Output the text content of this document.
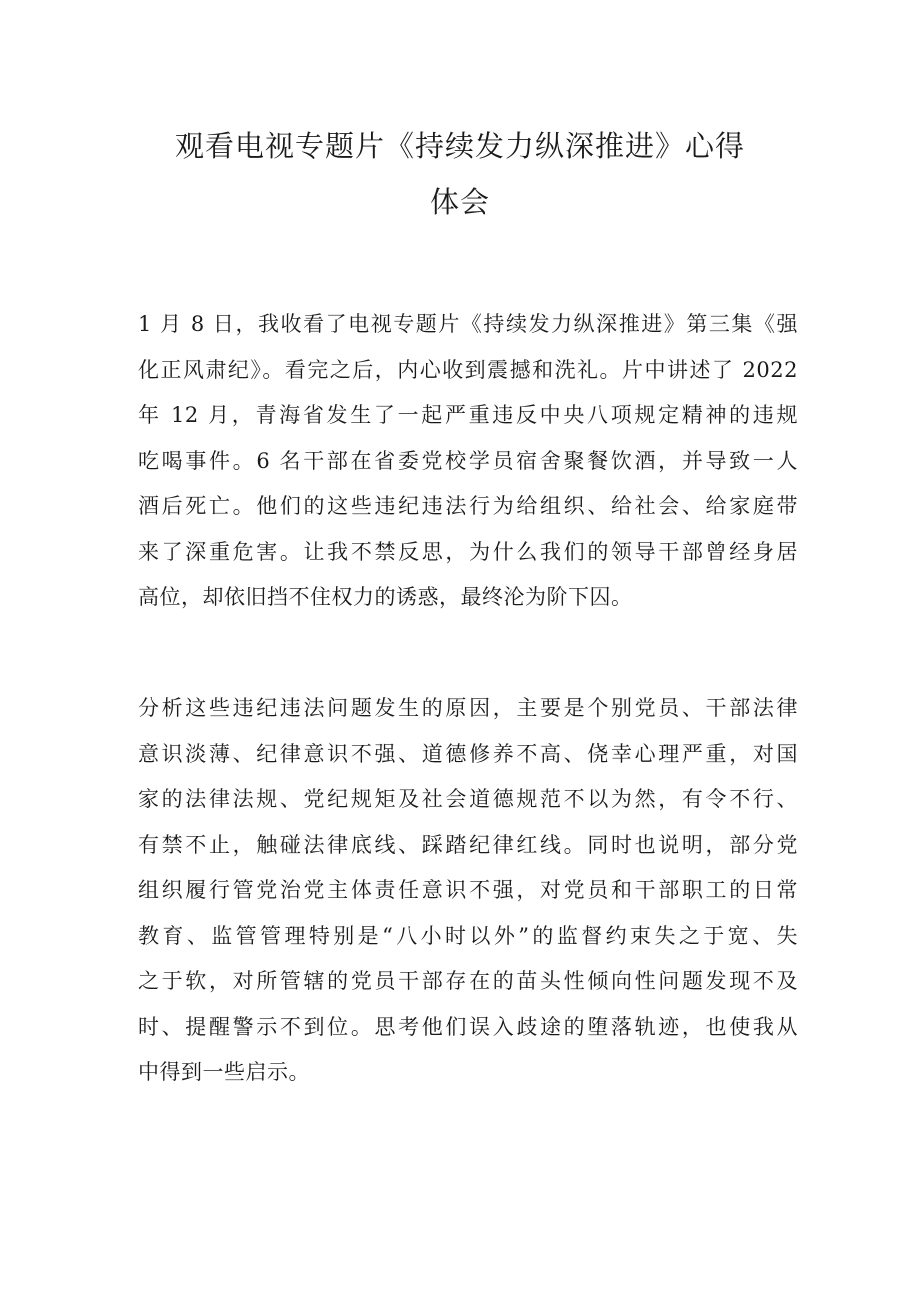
观看电视专题片《持续发力纵深推进》心得
体会
1 月 8 日，我收看了电视专题片《持续发力纵深推进》第三集《强
化正风肃纪》。看完之后，内心收到震撼和洗礼。片中讲述了 2022
年 12 月，青海省发生了一起严重违反中央八项规定精神的违规
吃喝事件。6 名干部在省委党校学员宿舍聚餐饮酒，并导致一人
酒后死亡。他们的这些违纪违法行为给组织、给社会、给家庭带
来了深重危害。让我不禁反思，为什么我们的领导干部曾经身居
高位，却依旧挡不住权力的诱惑，最终沦为阶下囚。
分析这些违纪违法问题发生的原因，主要是个别党员、干部法律
意识淡薄、纪律意识不强、道德修养不高、侥幸心理严重，对国
家的法律法规、党纪规矩及社会道德规范不以为然，有令不行、
有禁不止，触碰法律底线、踩踏纪律红线。同时也说明，部分党
组织履行管党治党主体责任意识不强，对党员和干部职工的日常
教育、监管管理特别是“八小时以外”的监督约束失之于宽、失
之于软，对所管辖的党员干部存在的苗头性倾向性问题发现不及
时、提醒警示不到位。思考他们误入歧途的堕落轨迹，也使我从
中得到一些启示。
